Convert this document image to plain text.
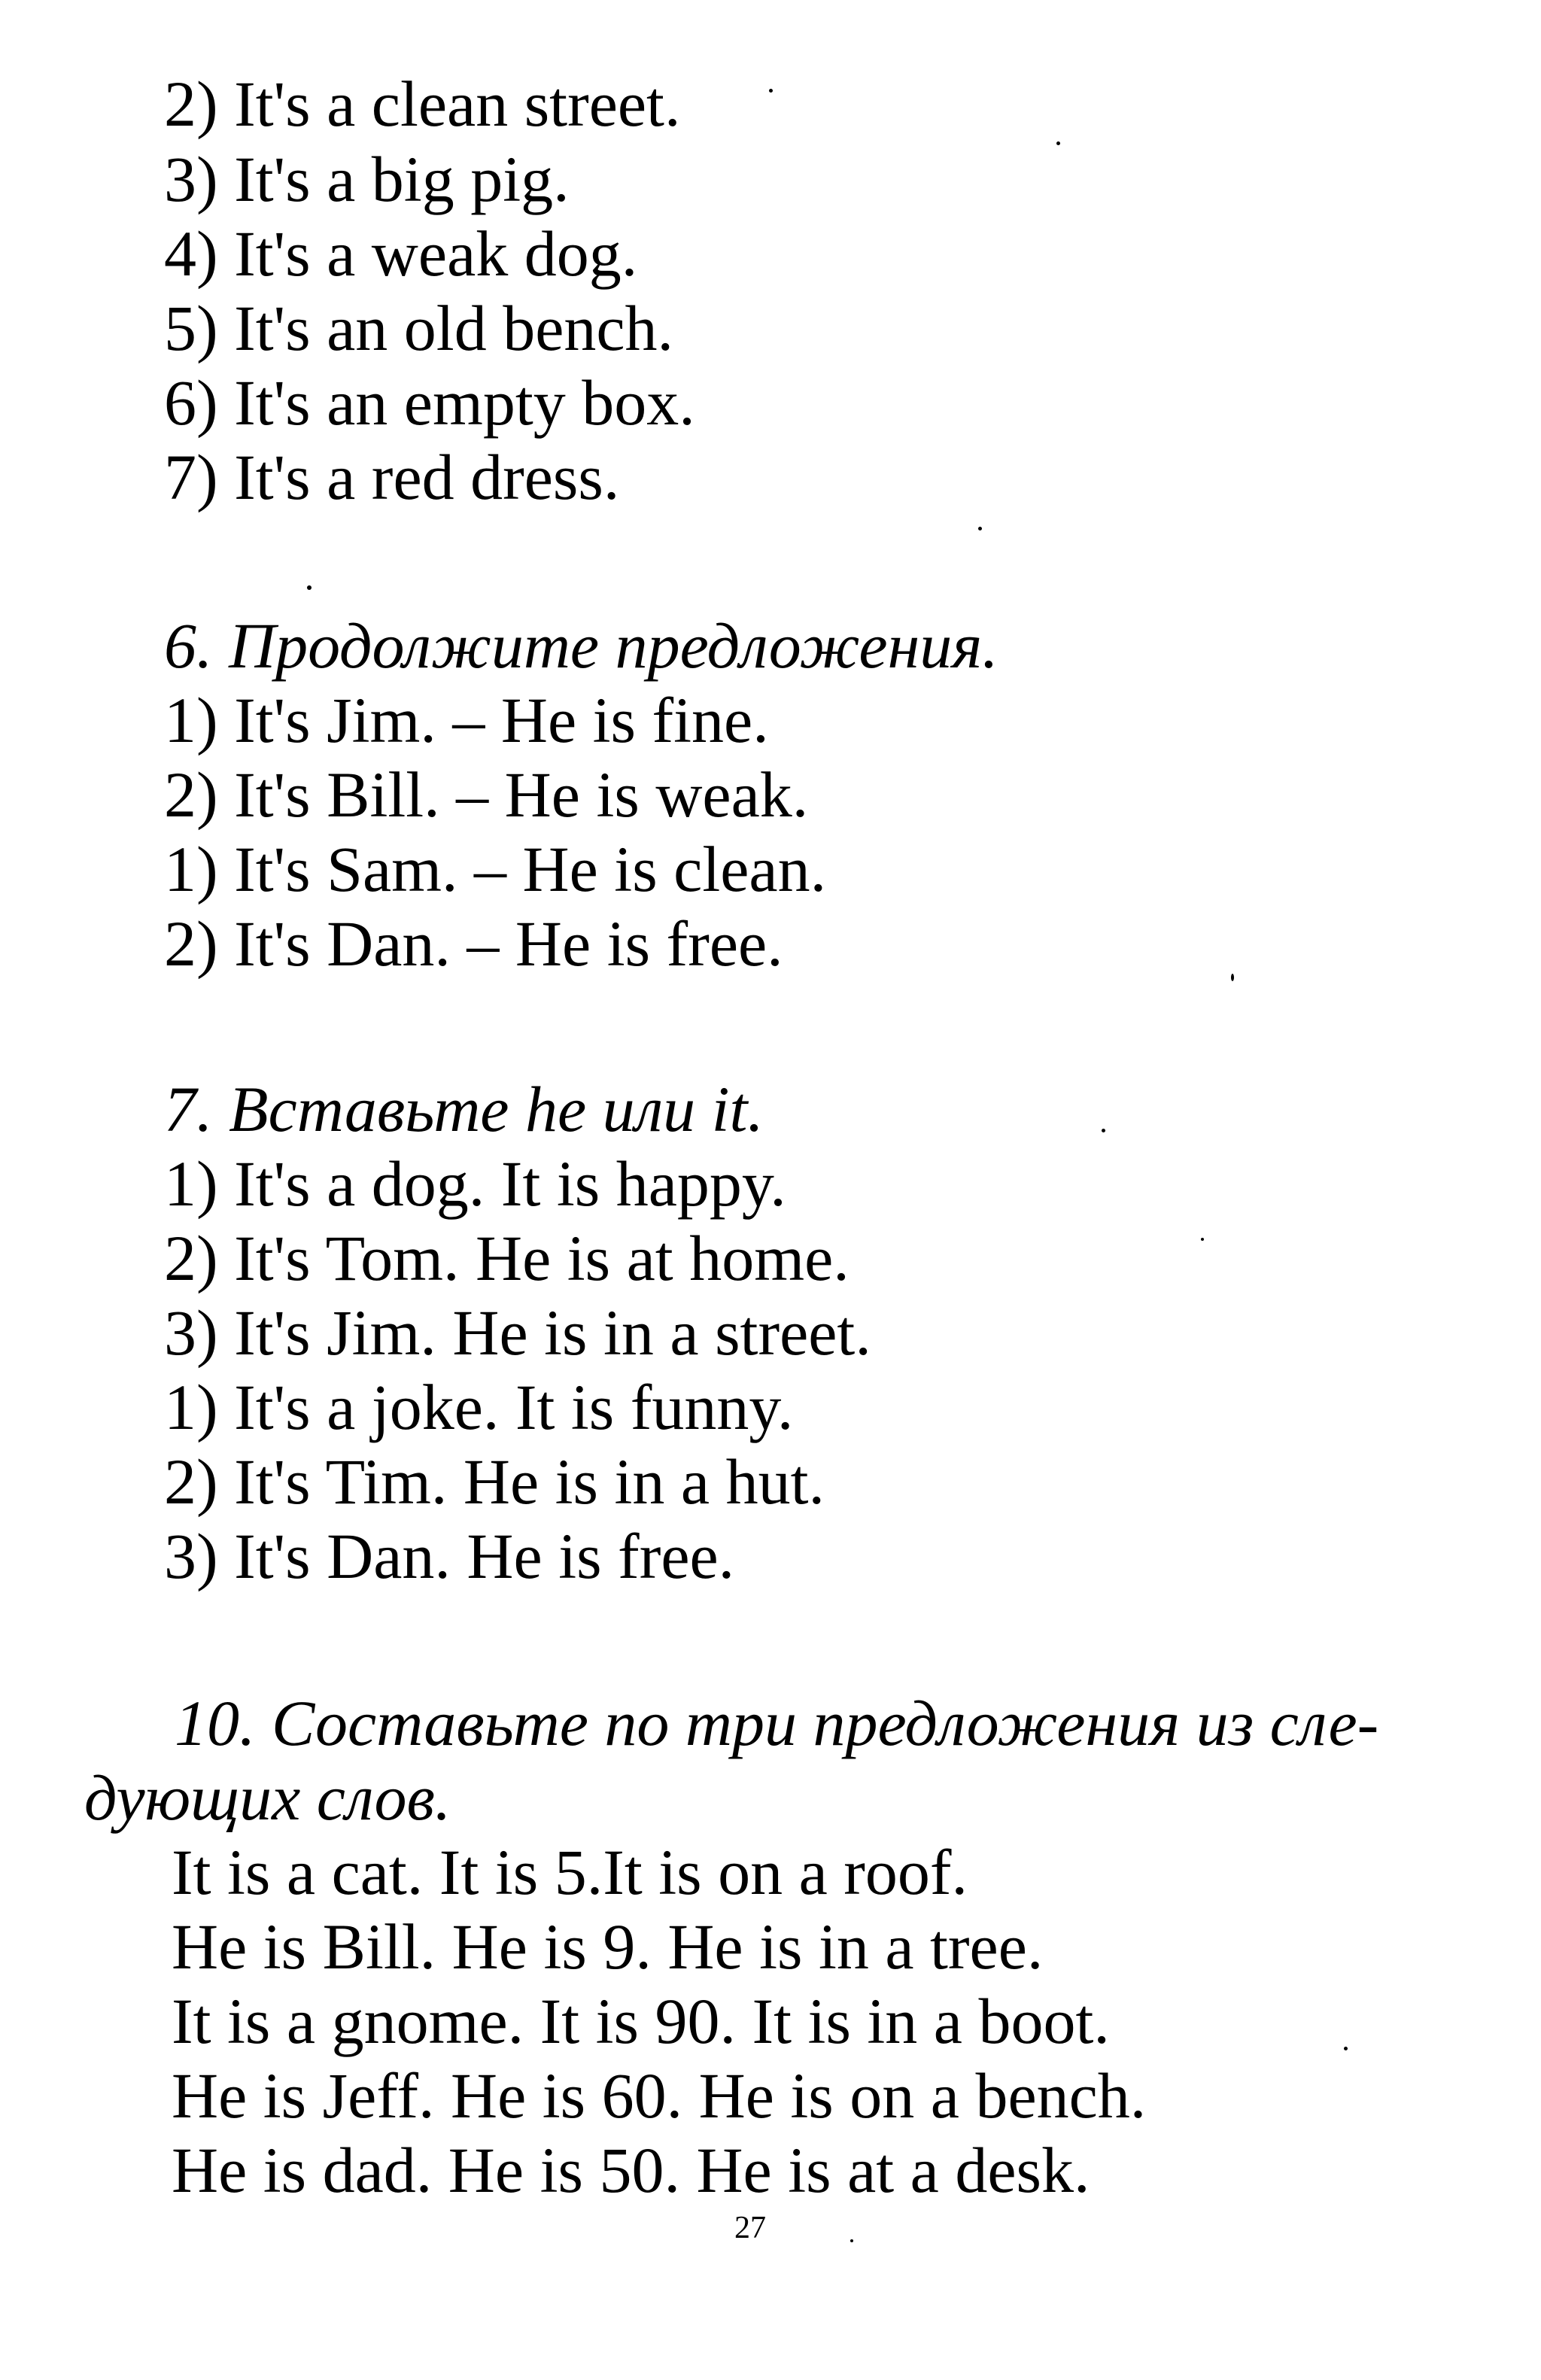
2) It's a clean street.
3) It's a big pig.
4) It's a weak dog.
5) It's an old bench.
6) It's an empty box.
7) It's a red dress.
6. Продолжите предложения.
1) It's Jim. – He is fine.
2) It's Bill. – He is weak.
1) It's Sam. – He is clean.
2) It's Dan. – He is free.
7. Вставьте he или it.
1) It's a dog. It is happy.
2) It's Tom. He is at home.
3) It's Jim. He is in a street.
1) It's a joke. It is funny.
2) It's Tim. He is in a hut.
3) It's Dan. He is free.
10. Составьте по три предложения из сле-
дующих слов.
It is a cat. It is 5.It is on a roof.
He is Bill. He is 9. He is in a tree.
It is a gnome. It is 90. It is in a boot.
He is Jeff. He is 60. He is on a bench.
He is dad. He is 50. He is at a desk.
27
